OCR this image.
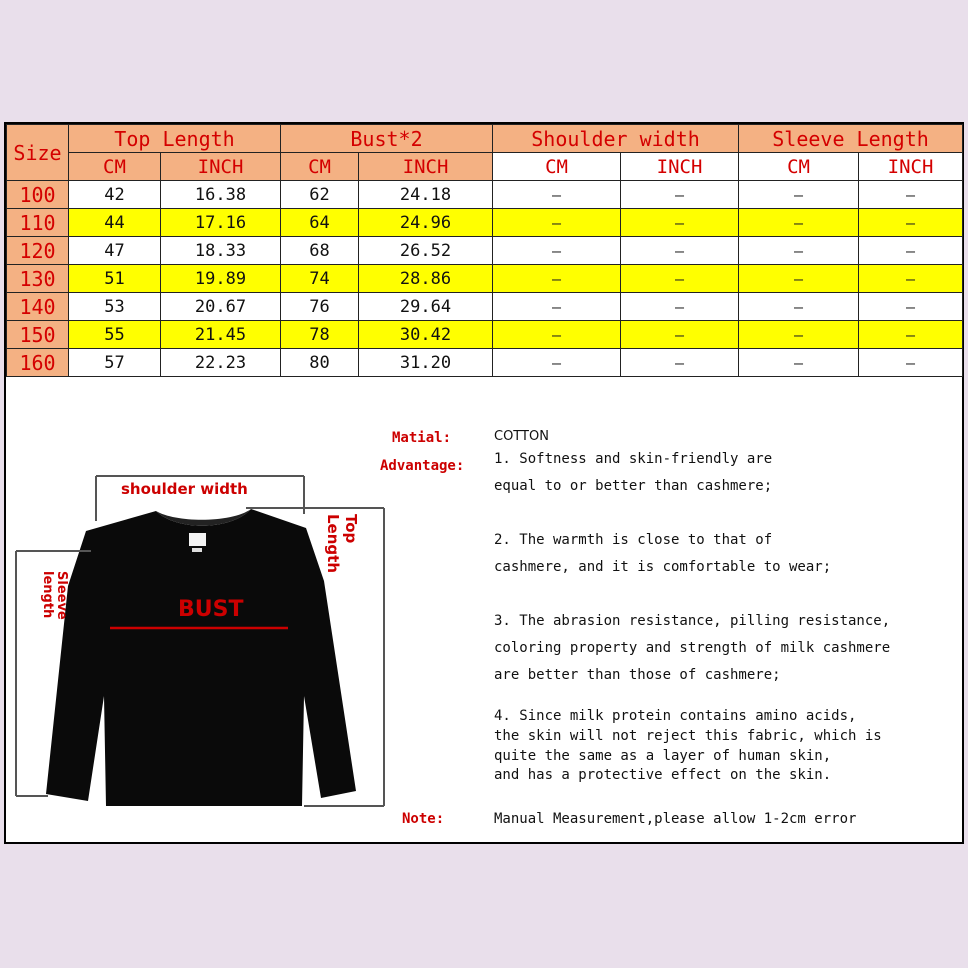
Size	Top Length		Bust*2		Shoulder width		Sleeve Length	
	CM	INCH	CM	INCH	CM	INCH	CM	INCH
100	42	16.38	62	24.18	—	—	—	—
110	44	17.16	64	24.96	—	—	—	—
120	47	18.33	68	26.52	—	—	—	—
130	51	19.89	74	28.86	—	—	—	—
140	53	20.67	76	29.64	—	—	—	—
150	55	21.45	78	30.42	—	—	—	—
160	57	22.23	80	31.20	—	—	—	—
shoulder width
BUST
Length Top
Sleeve length
Matial:	COTTON
Advantage: 1. Softness and skin-friendly are
equal to or better than cashmere;
2. The warmth is close to that of
cashmere, and it is comfortable to wear;
3. The abrasion resistance, pilling resistance,
coloring property and strength of milk cashmere
are better than those of cashmere;
4. Since milk protein contains amino acids,
the skin will not reject this fabric, which is
quite the same as a layer of human skin,
and has a protective effect on the skin.
Note:	Manual Measurement,please allow 1-2cm error
